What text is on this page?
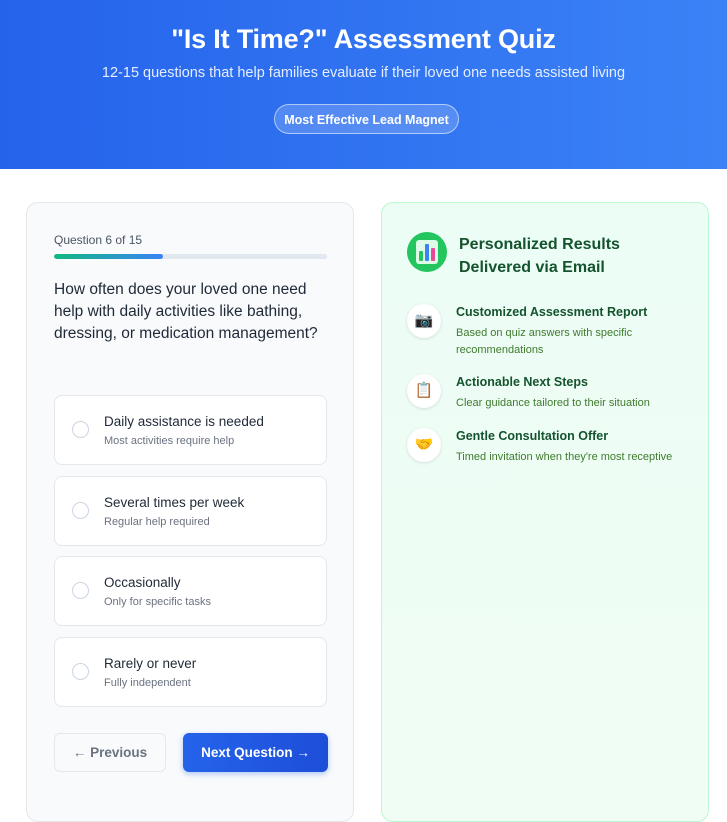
"Is It Time?" Assessment Quiz
12-15 questions that help families evaluate if their loved one needs assisted living
Most Effective Lead Magnet
Question 6 of 15
How often does your loved one need help with daily activities like bathing, dressing, or medication management?
Daily assistance is needed
Most activities require help
Several times per week
Regular help required
Occasionally
Only for specific tasks
Rarely or never
Fully independent
← Previous	Next Question →
Personalized Results Delivered via Email
📷	Customized Assessment Report
Based on quiz answers with specific recommendations
📋	Actionable Next Steps
Clear guidance tailored to their situation
🤝	Gentle Consultation Offer
Timed invitation when they're most receptive
